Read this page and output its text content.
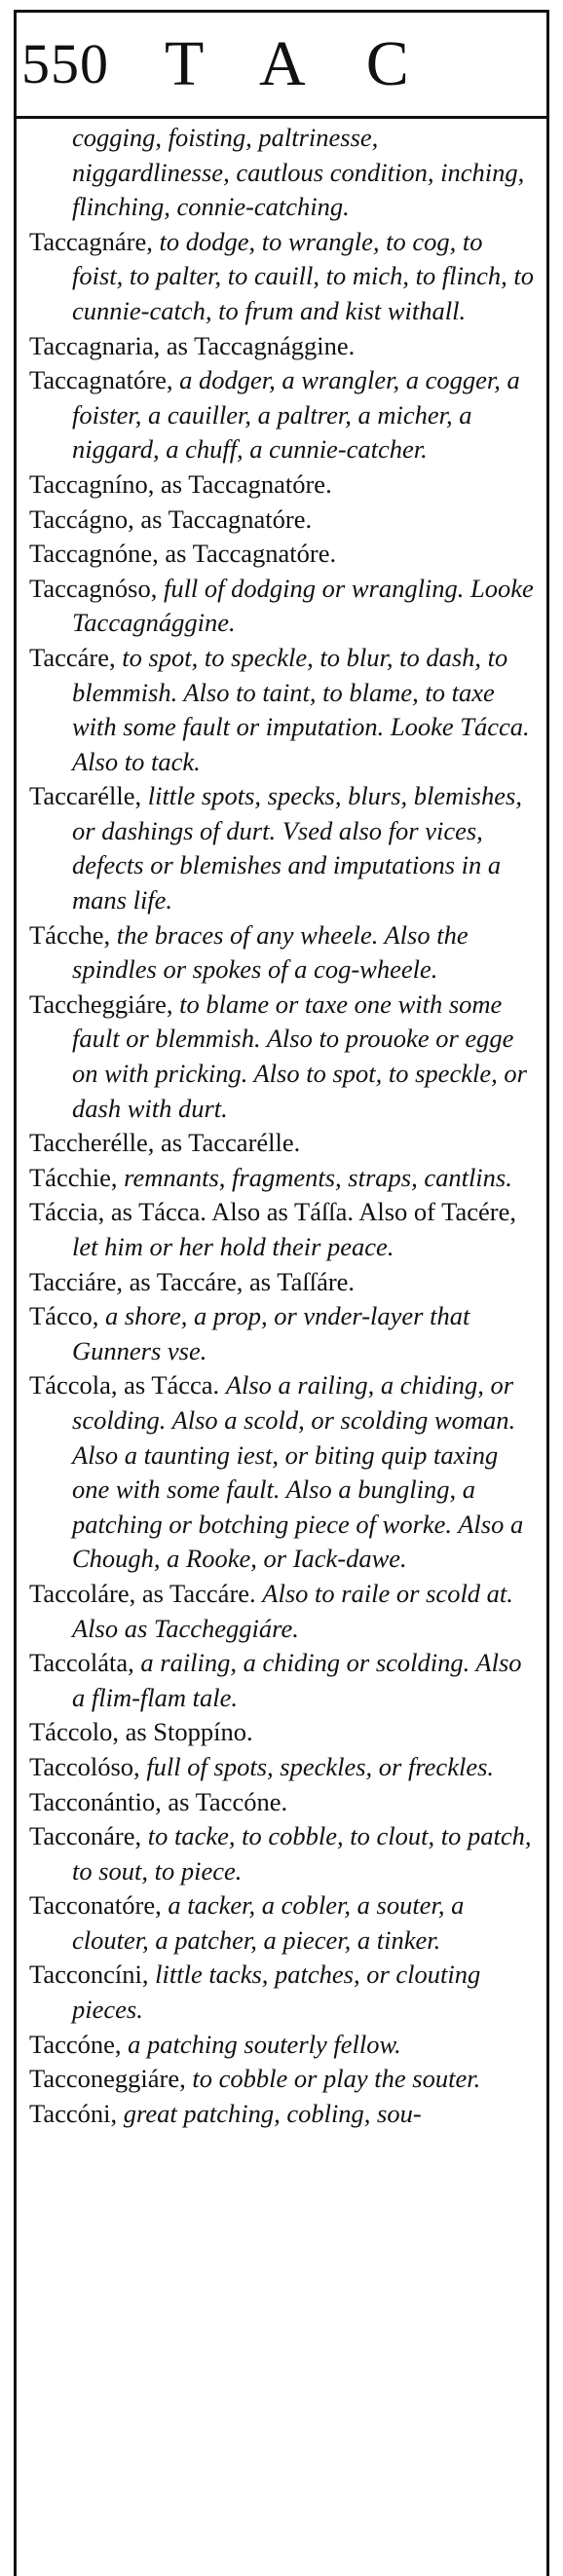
550 TAC

cogging, foisting, paltrinesse, niggardlinesse, cautlous condition, inching, flinching, connie-catching.

Taccagnáre, to dodge, to wrangle, to cog, to foist, to palter, to cauill, to mich, to flinch, to cunnie-catch, to frum and kist withall.

Taccagnaria, as Taccagnággine.

Taccagnatóre, a dodger, a wrangler, a cogger, a foister, a cauiller, a paltrer, a micher, a niggard, a chuff, a cunnie-catcher.

Taccagníno, as Taccagnatóre.

Taccágno, as Taccagnatóre.

Taccagnóne, as Taccagnatóre.

Taccagnóso, full of dodging or wrangling. Looke Taccagnággine.

Taccáre, to spot, to speckle, to blur, to dash, to blemmish. Also to taint, to blame, to taxe with some fault or imputation. Looke Tácca. Also to tack.

Taccarélle, little spots, specks, blurs, blemishes, or dashings of durt. Vsed also for vices, defects or blemishes and imputations in a mans life.

Tácche, the braces of any wheele. Also the spindles or spokes of a cog-wheele.

Taccheggiáre, to blame or taxe one with some fault or blemmish. Also to prouoke or egge on with pricking. Also to spot, to speckle, or dash with durt.

Taccherélle, as Taccarélle.

Tácchie, remnants, fragments, straps, cantlins.

Táccia, as Tácca. Also as Táſſa. Also of Tacére, let him or her hold their peace.

Tacciáre, as Taccáre, as Taſſáre.

Tácco, a shore, a prop, or vnder-layer that Gunners vse.

Táccola, as Tácca. Also a railing, a chiding, or scolding. Also a scold, or scolding woman. Also a taunting iest, or biting quip taxing one with some fault. Also a bungling, a patching or botching piece of worke. Also a Chough, a Rooke, or Iack-dawe.

Taccoláre, as Taccáre. Also to raile or scold at. Also as Taccheggiáre.

Taccoláta, a railing, a chiding or scolding. Also a flim-flam tale.

Táccolo, as Stoppíno.

Taccolóso, full of spots, speckles, or freckles.

Tacconántio, as Taccóne.

Tacconáre, to tacke, to cobble, to clout, to patch, to sout, to piece.

Tacconatóre, a tacker, a cobler, a souter, a clouter, a patcher, a piecer, a tinker.

Tacconcíni, little tacks, patches, or clouting pieces.

Taccóne, a patching souterly fellow.

Tacconeggiáre, to cobble or play the souter.

Taccóni, great patching, cobling, sou-
